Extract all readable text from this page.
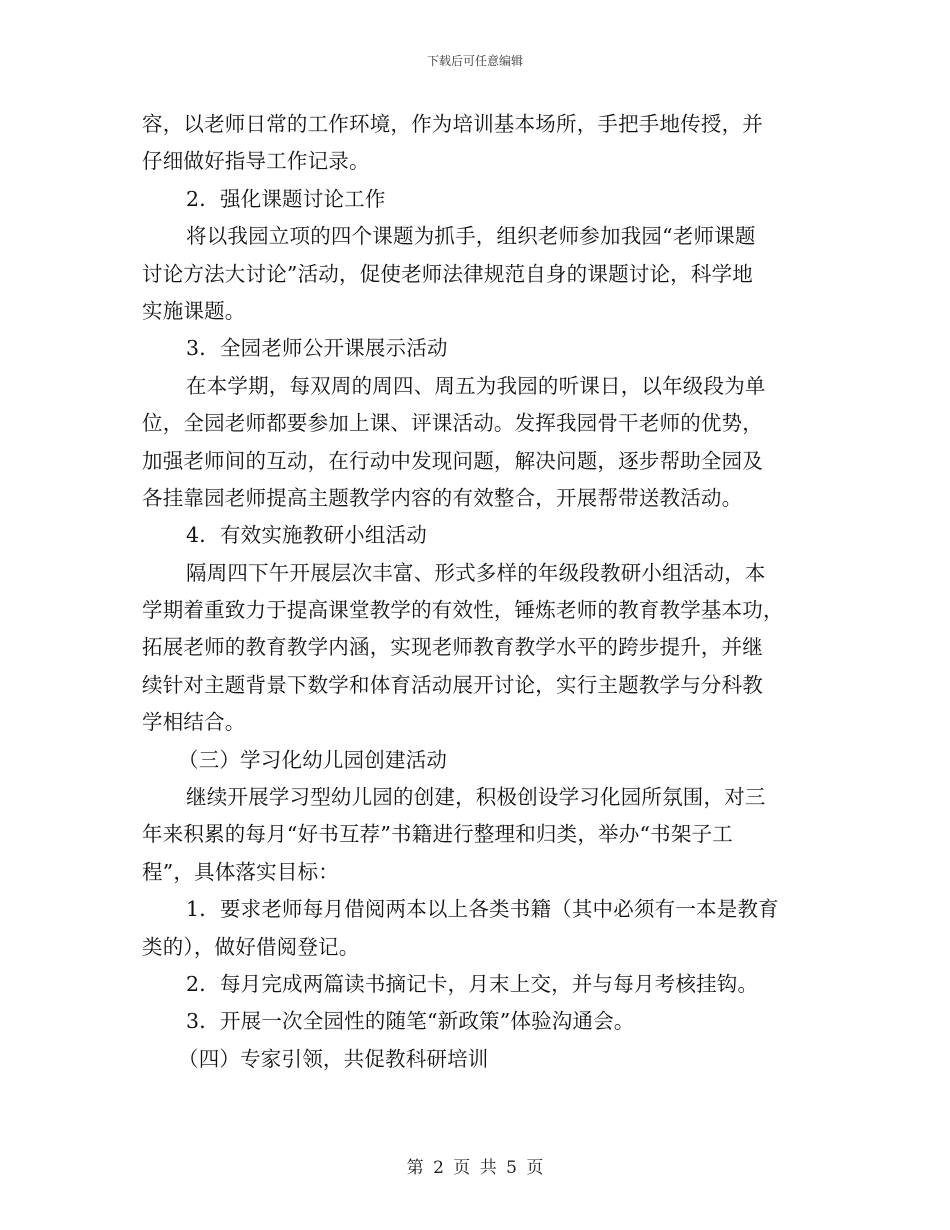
下载后可任意编辑
容，以老师日常的工作环境，作为培训基本场所，手把手地传授，并
仔细做好指导工作记录。
2．强化课题讨论工作
将以我园立项的四个课题为抓手，组织老师参加我园“老师课题
讨论方法大讨论”活动，促使老师法律规范自身的课题讨论，科学地
实施课题。
3．全园老师公开课展示活动
在本学期，每双周的周四、周五为我园的听课日，以年级段为单
位，全园老师都要参加上课、评课活动。发挥我园骨干老师的优势，
加强老师间的互动，在行动中发现问题，解决问题，逐步帮助全园及
各挂靠园老师提高主题教学内容的有效整合，开展帮带送教活动。
4．有效实施教研小组活动
隔周四下午开展层次丰富、形式多样的年级段教研小组活动，本
学期着重致力于提高课堂教学的有效性，锤炼老师的教育教学基本功，
拓展老师的教育教学内涵，实现老师教育教学水平的跨步提升，并继
续针对主题背景下数学和体育活动展开讨论，实行主题教学与分科教
学相结合。
（三）学习化幼儿园创建活动
继续开展学习型幼儿园的创建，积极创设学习化园所氛围，对三
年来积累的每月“好书互荐”书籍进行整理和归类，举办“书架子工
程”，具体落实目标：
1．要求老师每月借阅两本以上各类书籍（其中必须有一本是教育
类的），做好借阅登记。
2．每月完成两篇读书摘记卡，月末上交，并与每月考核挂钩。
3．开展一次全园性的随笔“新政策”体验沟通会。
（四）专家引领，共促教科研培训
第 2 页 共 5 页
